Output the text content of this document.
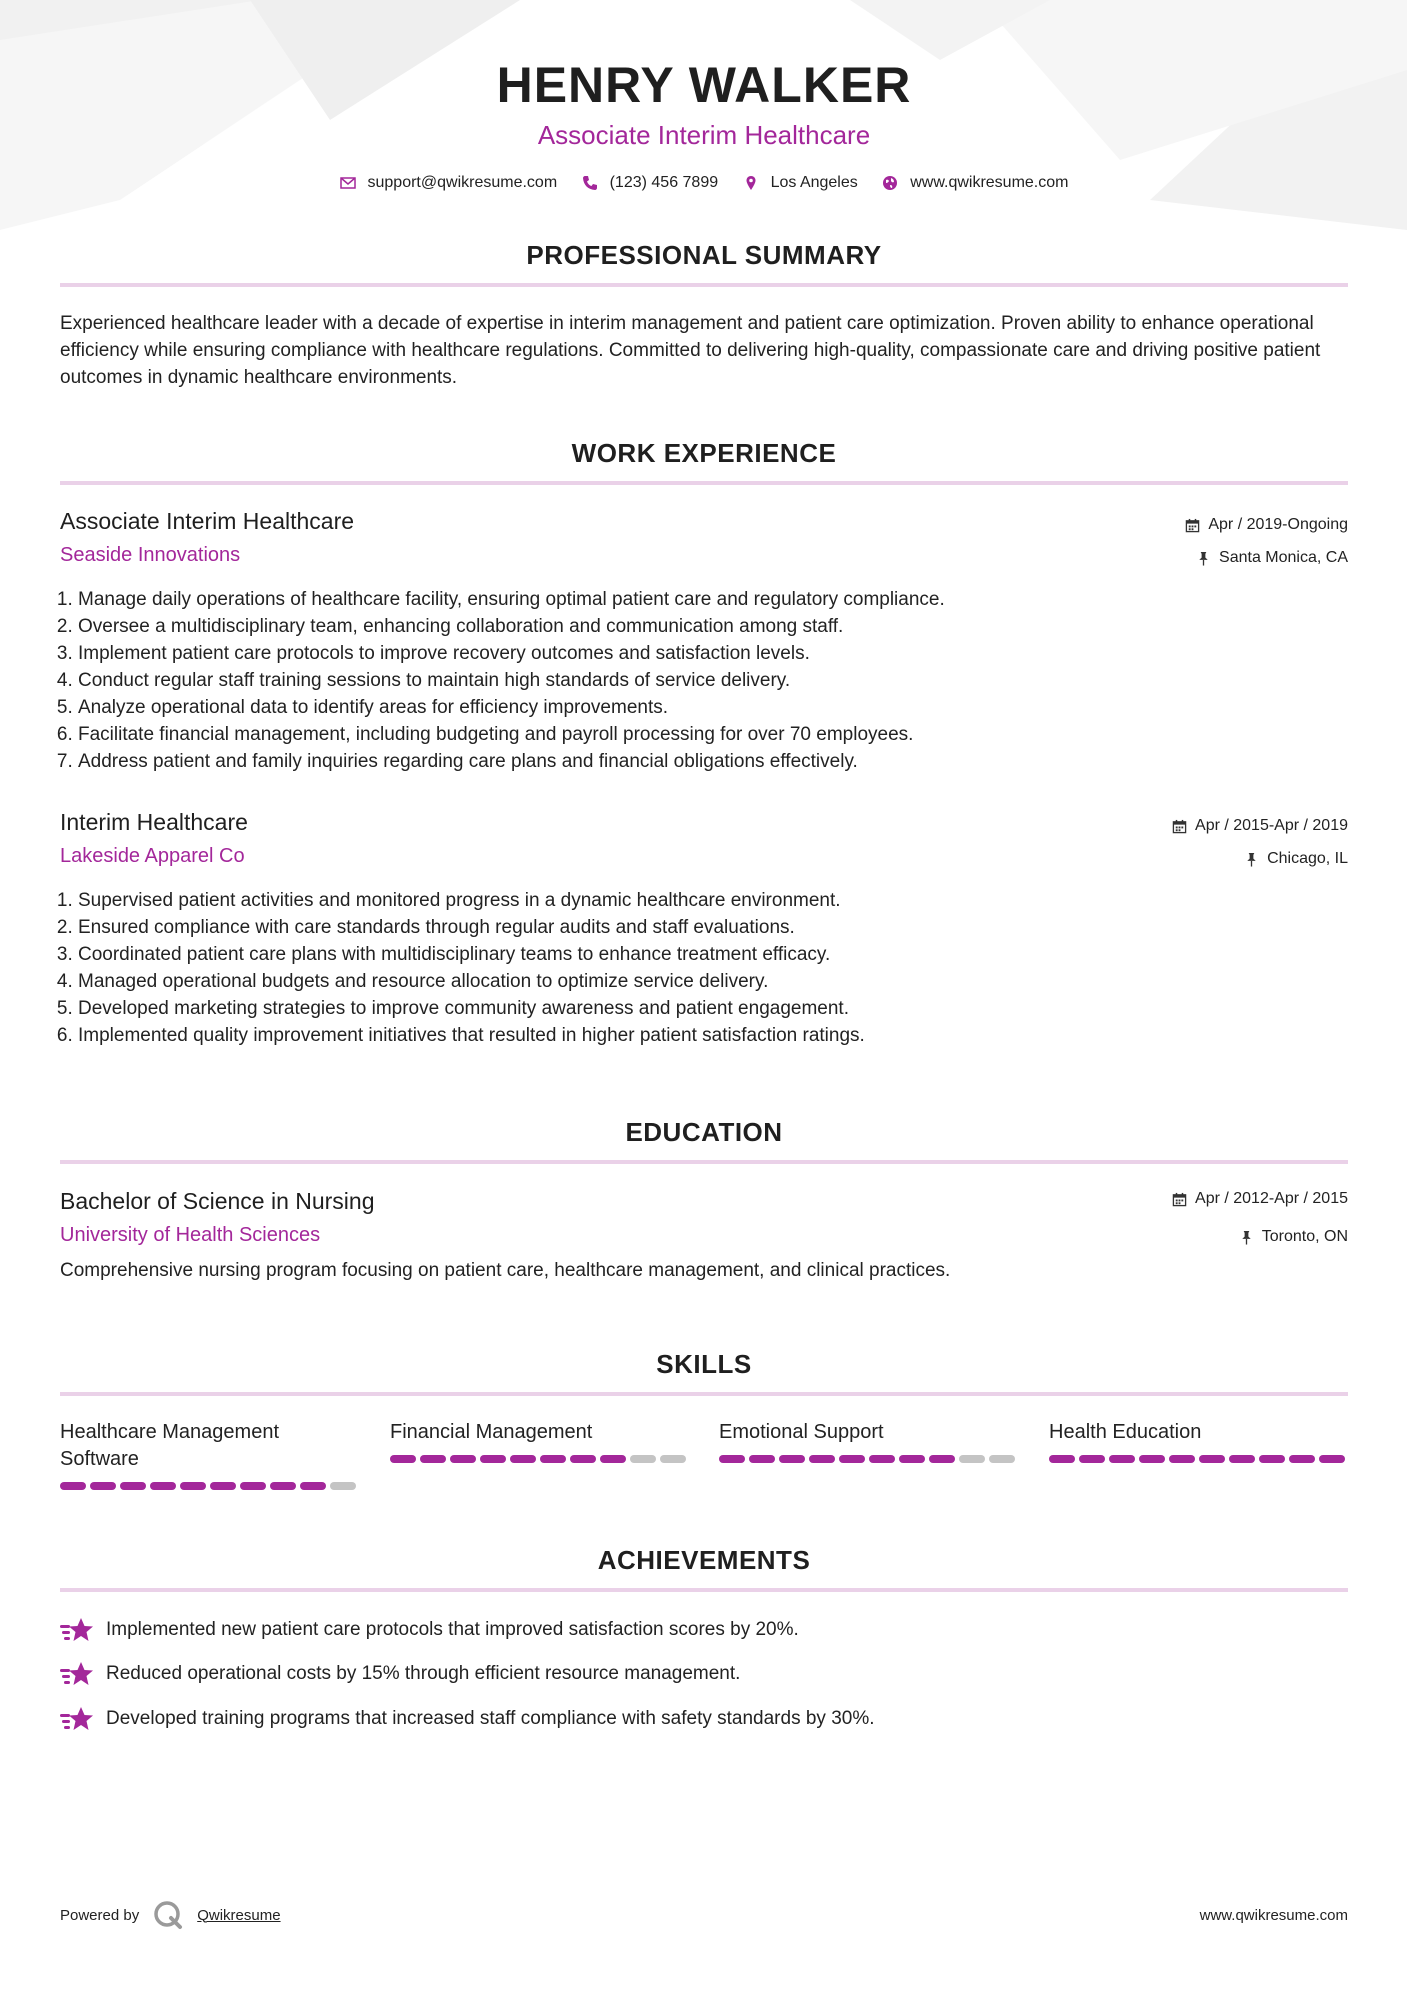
HENRY WALKER
Associate Interim Healthcare
support@qwikresume.com
	(123) 456 7899
	Los Angeles
	www.qwikresume.com
PROFESSIONAL SUMMARY

Experienced healthcare leader with a decade of expertise in interim management and patient care optimization. Proven ability to enhance operational efficiency while ensuring compliance with healthcare regulations. Committed to delivering high-quality, compassionate care and driving positive patient outcomes in dynamic healthcare environments.

WORK EXPERIENCE
Associate Interim Healthcare
Seaside Innovations
Apr / 2019-Ongoing
Santa Monica, CA
1. Manage daily operations of healthcare facility, ensuring optimal patient care and regulatory compliance.
2. Oversee a multidisciplinary team, enhancing collaboration and communication among staff.
3. Implement patient care protocols to improve recovery outcomes and satisfaction levels.
4. Conduct regular staff training sessions to maintain high standards of service delivery.
5. Analyze operational data to identify areas for efficiency improvements.
6. Facilitate financial management, including budgeting and payroll processing for over 70 employees.
7. Address patient and family inquiries regarding care plans and financial obligations effectively.
Interim Healthcare
Lakeside Apparel Co
Apr / 2015-Apr / 2019
Chicago, IL
1. Supervised patient activities and monitored progress in a dynamic healthcare environment.
2. Ensured compliance with care standards through regular audits and staff evaluations.
3. Coordinated patient care plans with multidisciplinary teams to enhance treatment efficacy.
4. Managed operational budgets and resource allocation to optimize service delivery.
5. Developed marketing strategies to improve community awareness and patient engagement.
6. Implemented quality improvement initiatives that resulted in higher patient satisfaction ratings.
EDUCATION
Bachelor of Science in Nursing
University of Health Sciences
Apr / 2012-Apr / 2015
Toronto, ON
Comprehensive nursing program focusing on patient care, healthcare management, and clinical practices.
SKILLS
Healthcare Management Software
Financial Management	Emotional Support	Health Education
ACHIEVEMENTS
Implemented new patient care protocols that improved satisfaction scores by 20%.
Reduced operational costs by 15% through efficient resource management.
Developed training programs that increased staff compliance with safety standards by 30%.
Powered by	Qwikresume	www.qwikresume.com
